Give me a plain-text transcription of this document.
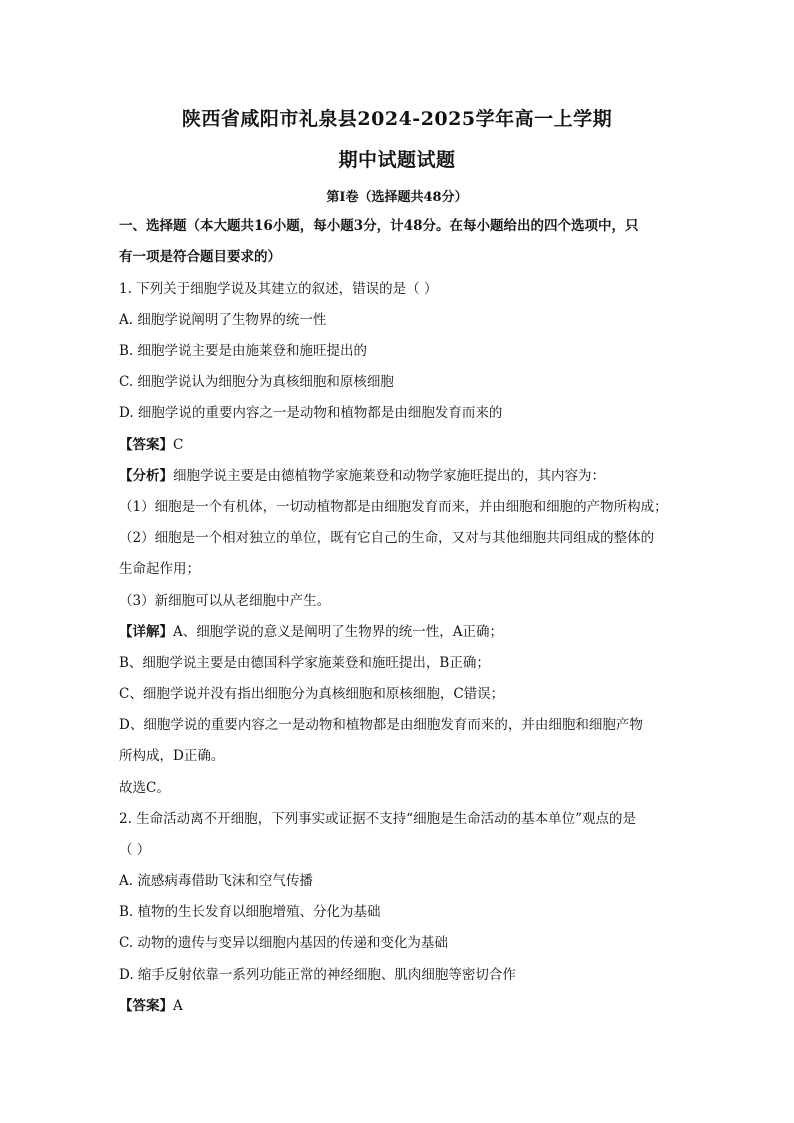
陕西省咸阳市礼泉县2024-2025学年高一上学期
期中试题试题
第Ⅰ卷（选择题共48分）
一、选择题（本大题共16小题，每小题3分，计48分。在每小题给出的四个选项中，只
有一项是符合题目要求的）
1. 下列关于细胞学说及其建立的叙述，错误的是（ ）
A. 细胞学说阐明了生物界的统一性
B. 细胞学说主要是由施莱登和施旺提出的
C. 细胞学说认为细胞分为真核细胞和原核细胞
D. 细胞学说的重要内容之一是动物和植物都是由细胞发育而来的
【答案】C
【分析】细胞学说主要是由德植物学家施莱登和动物学家施旺提出的，其内容为：
（1）细胞是一个有机体，一切动植物都是由细胞发育而来，并由细胞和细胞的产物所构成；
（2）细胞是一个相对独立的单位，既有它自己的生命，又对与其他细胞共同组成的整体的
生命起作用；
（3）新细胞可以从老细胞中产生。
【详解】A、细胞学说的意义是阐明了生物界的统一性，A正确；
B、细胞学说主要是由德国科学家施莱登和施旺提出，B正确；
C、细胞学说并没有指出细胞分为真核细胞和原核细胞，C错误；
D、细胞学说的重要内容之一是动物和植物都是由细胞发育而来的，并由细胞和细胞产物
所构成，D正确。
故选C。
2. 生命活动离不开细胞，下列事实或证据不支持“细胞是生命活动的基本单位”观点的是
（ ）
A. 流感病毒借助飞沫和空气传播
B. 植物的生长发育以细胞增殖、分化为基础
C. 动物的遗传与变异以细胞内基因的传递和变化为基础
D. 缩手反射依靠一系列功能正常的神经细胞、肌肉细胞等密切合作
【答案】A
